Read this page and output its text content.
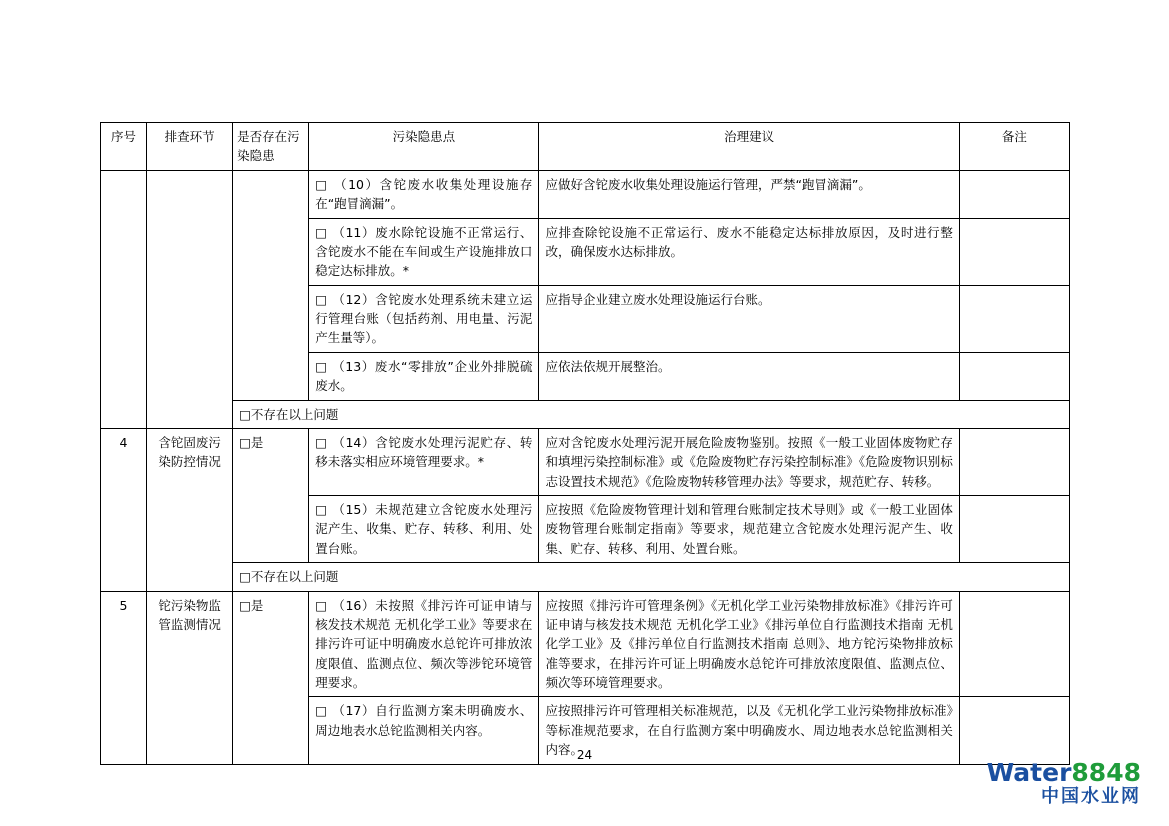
序号	排查环节	是否存在污染隐患	污染隐患点	治理建议	备注
			□ （10）含铊废水收集处理设施存在“跑冒滴漏”。	应做好含铊废水收集处理设施运行管理，严禁“跑冒滴漏”。	
			□ （11）废水除铊设施不正常运行、含铊废水不能在车间或生产设施排放口稳定达标排放。*	应排查除铊设施不正常运行、废水不能稳定达标排放原因，及时进行整改，确保废水达标排放。	
			□ （12）含铊废水处理系统未建立运行管理台账（包括药剂、用电量、污泥产生量等）。	应指导企业建立废水处理设施运行台账。	
			□ （13）废水“零排放”企业外排脱硫废水。	应依法依规开展整治。	
		□不存在以上问题			
4	含铊固废污染防控情况	□是	□ （14）含铊废水处理污泥贮存、转移未落实相应环境管理要求。*	应对含铊废水处理污泥开展危险废物鉴别。按照《一般工业固体废物贮存和填埋污染控制标准》或《危险废物贮存污染控制标准》《危险废物识别标志设置技术规范》《危险废物转移管理办法》等要求，规范贮存、转移。	
			□ （15）未规范建立含铊废水处理污泥产生、收集、贮存、转移、利用、处置台账。	应按照《危险废物管理计划和管理台账制定技术导则》或《一般工业固体废物管理台账制定指南》等要求，规范建立含铊废水处理污泥产生、收集、贮存、转移、利用、处置台账。	
		□不存在以上问题			
5	铊污染物监管监测情况	□是	□ （16）未按照《排污许可证申请与核发技术规范 无机化学工业》等要求在排污许可证中明确废水总铊许可排放浓度限值、监测点位、频次等涉铊环境管理要求。	应按照《排污许可管理条例》《无机化学工业污染物排放标准》《排污许可证申请与核发技术规范 无机化学工业》《排污单位自行监测技术指南 无机化学工业》及《排污单位自行监测技术指南 总则》、地方铊污染物排放标准等要求，在排污许可证上明确废水总铊许可排放浓度限值、监测点位、频次等环境管理要求。	
			□ （17）自行监测方案未明确废水、周边地表水总铊监测相关内容。	应按照排污许可管理相关标准规范，以及《无机化学工业污染物排放标准》等标准规范要求，在自行监测方案中明确废水、周边地表水总铊监测相关内容。	
24
Water8848
中国水业网
